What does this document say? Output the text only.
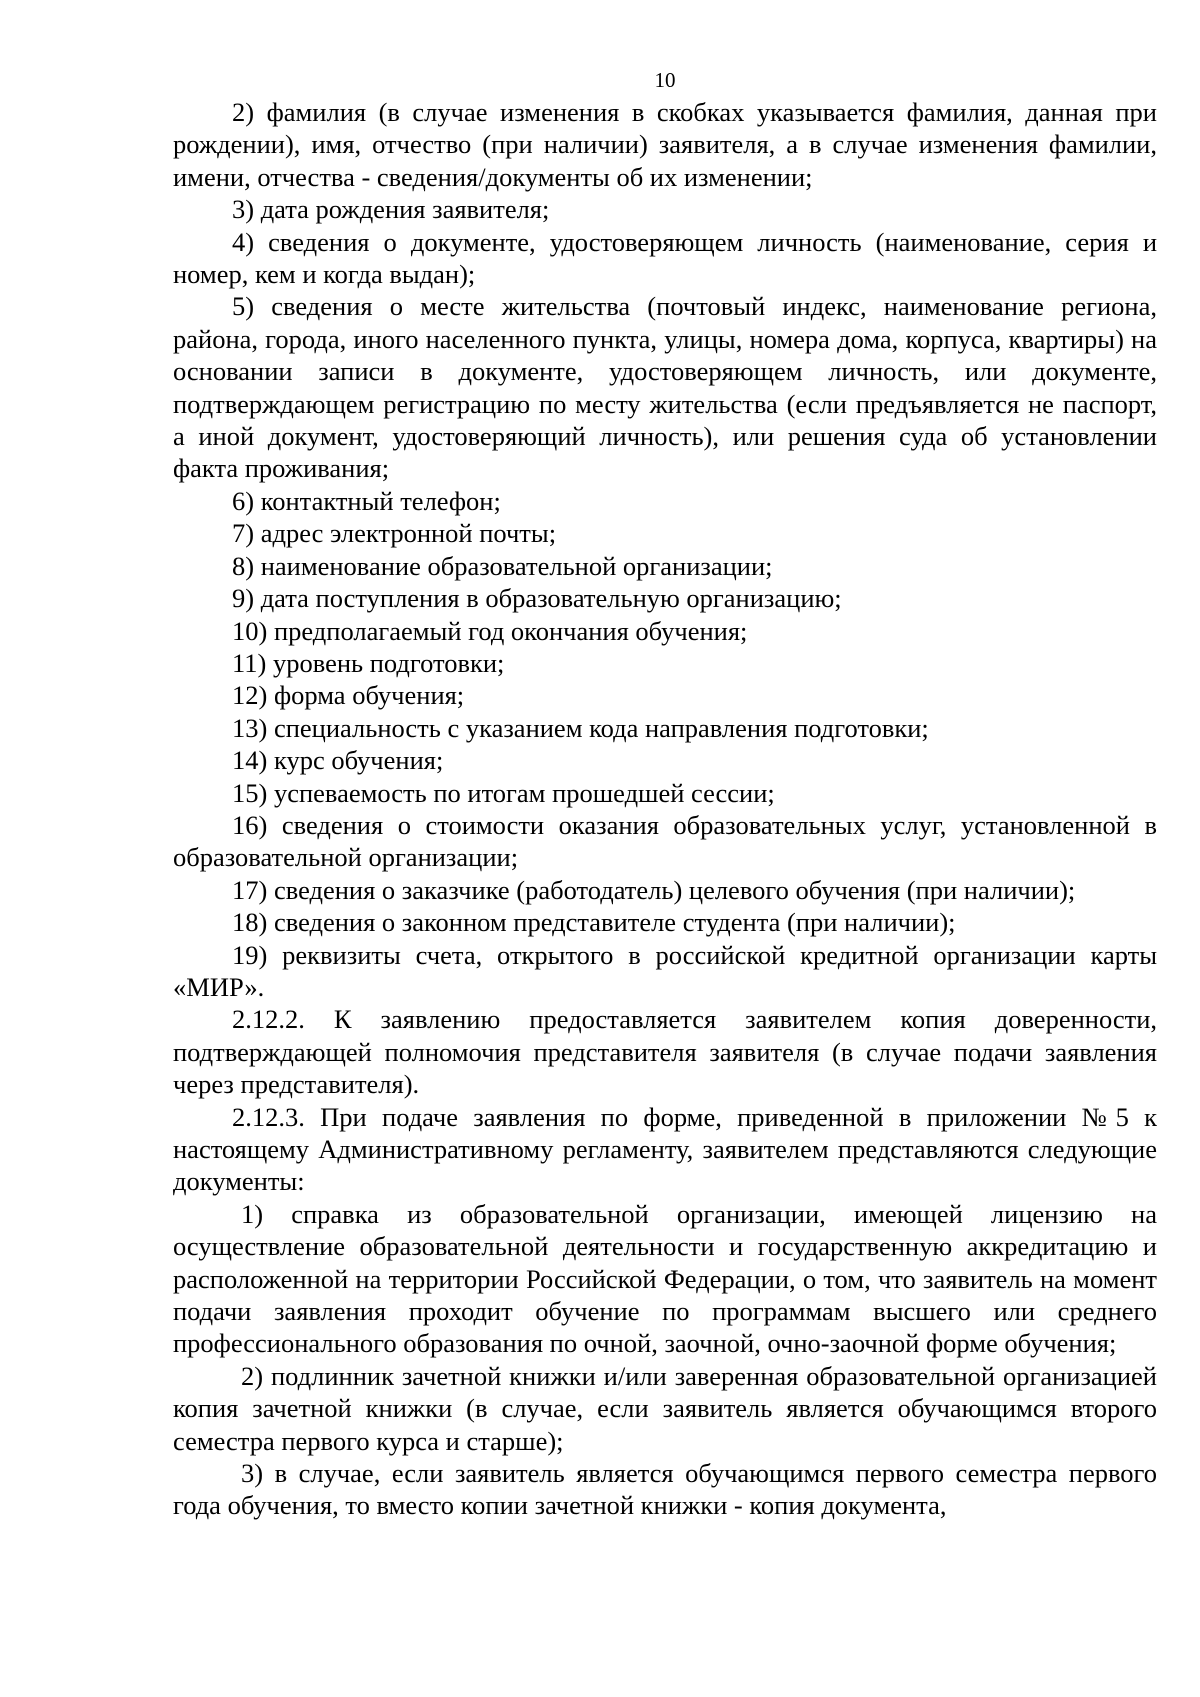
10

2) фамилия (в случае изменения в скобках указывается фамилия, данная при рождении), имя, отчество (при наличии) заявителя, а в случае изменения фамилии, имени, отчества - сведения/документы об их изменении;

3) дата рождения заявителя;

4) сведения о документе, удостоверяющем личность (наименование, серия и номер, кем и когда выдан);

5) сведения о месте жительства (почтовый индекс, наименование региона, района, города, иного населенного пункта, улицы, номера дома, корпуса, квартиры) на основании записи в документе, удостоверяющем личность, или документе, подтверждающем регистрацию по месту жительства (если предъявляется не паспорт, а иной документ, удостоверяющий личность), или решения суда об установлении факта проживания;

6) контактный телефон;

7) адрес электронной почты;

8) наименование образовательной организации;

9) дата поступления в образовательную организацию;

10) предполагаемый год окончания обучения;

11) уровень подготовки;

12) форма обучения;

13) специальность с указанием кода направления подготовки;

14) курс обучения;

15) успеваемость по итогам прошедшей сессии;

16) сведения о стоимости оказания образовательных услуг, установленной в образовательной организации;

17) сведения о заказчике (работодатель) целевого обучения (при наличии);

18) сведения о законном представителе студента (при наличии);

19) реквизиты счета, открытого в российской кредитной организации карты «МИР».

2.12.2. К заявлению предоставляется заявителем копия доверенности, подтверждающей полномочия представителя заявителя (в случае подачи заявления через представителя).

2.12.3. При подаче заявления по форме, приведенной в приложении №5 к настоящему Административному регламенту, заявителем представляются следующие документы:

1) справка из образовательной организации, имеющей лицензию на осуществление образовательной деятельности и государственную аккредитацию и расположенной на территории Российской Федерации, о том, что заявитель на момент подачи заявления проходит обучение по программам высшего или среднего профессионального образования по очной, заочной, очно-заочной форме обучения;

2) подлинник зачетной книжки и/или заверенная образовательной организацией копия зачетной книжки (в случае, если заявитель является обучающимся второго семестра первого курса и старше);

3) в случае, если заявитель является обучающимся первого семестра первого года обучения, то вместо копии зачетной книжки - копия документа,
